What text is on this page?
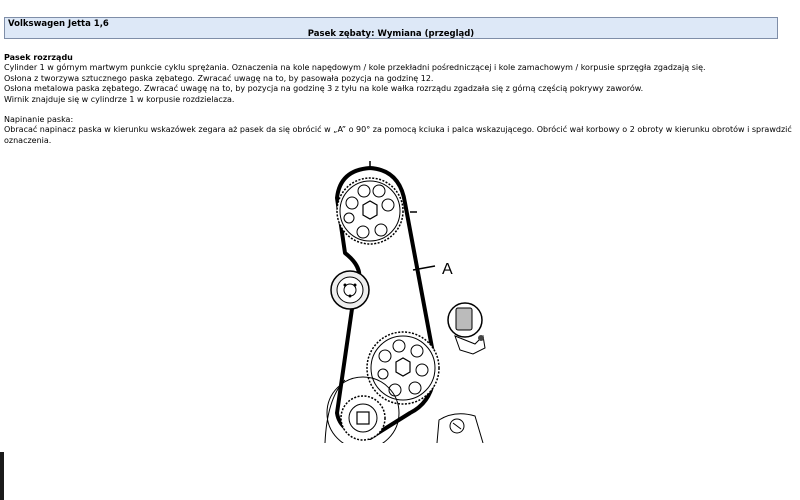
Volkswagen Jetta 1,6
Pasek zębaty: Wymiana (przegląd)

Pasek rozrządu

Cylinder 1 w górnym martwym punkcie cyklu sprężania. Oznaczenia na kole napędowym / kole przekładni pośredniczącej i kole zamachowym / korpusie sprzęgła zgadzają się.

Osłona z tworzywa sztucznego paska zębatego. Zwracać uwagę na to, by pasowała pozycja na godzinę 12.

Osłona metalowa paska zębatego. Zwracać uwagę na to, by pozycja na godzinę 3 z tyłu na kole wałka rozrządu zgadzała się z górną częścią pokrywy zaworów.

Wirnik znajduje się w cylindrze 1 w korpusie rozdzielacza.

Napinanie paska:

Obracać napinacz paska w kierunku wskazówek zegara aż pasek da się obrócić w „A” o 90° za pomocą kciuka i palca wskazującego. Obrócić wał korbowy o 2 obroty w kierunku obrotów i sprawdzić oznaczenia.

A
